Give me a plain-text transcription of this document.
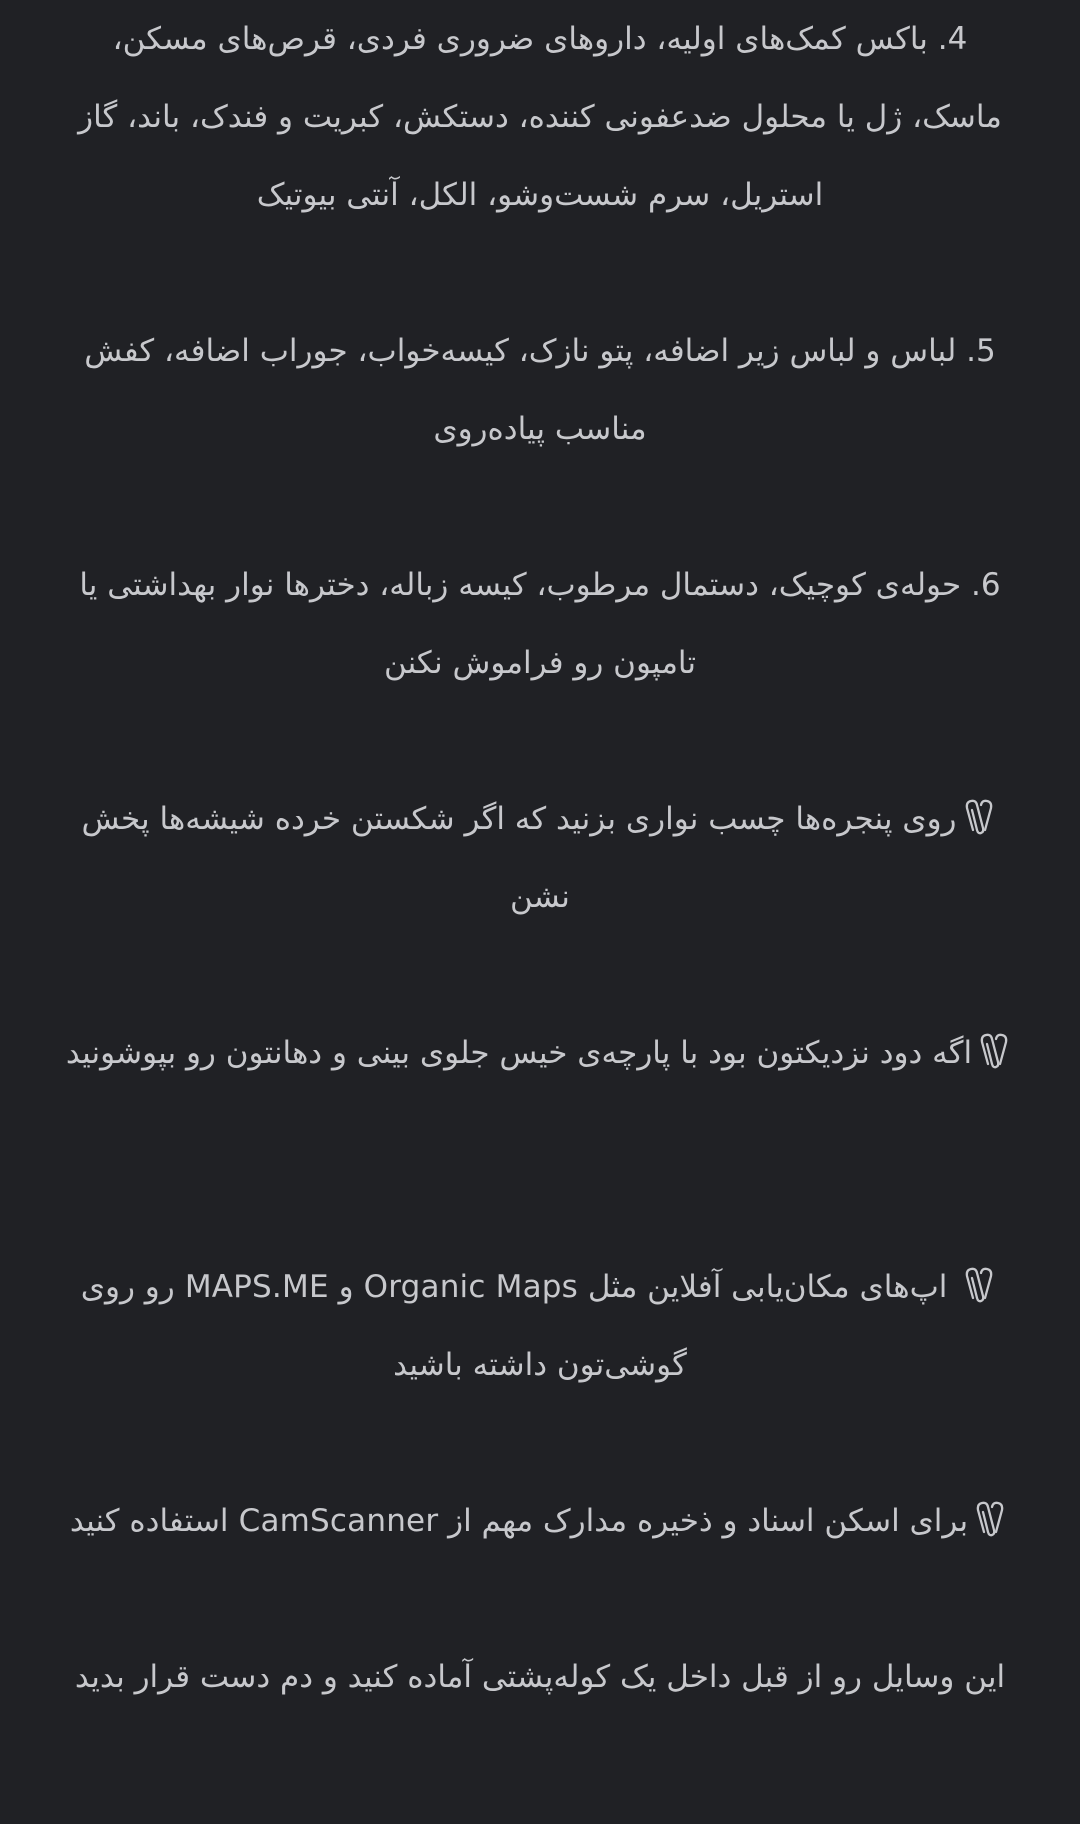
4. باکس کمک‌های اولیه، داروهای ضروری فردی، قرص‌های مسکن، ماسک، ژل یا محلول ضدعفونی کننده، دستکش، کبریت و فندک، باند، گاز استریل، سرم شست‌وشو، الکل، آنتی بیوتیک
5. لباس و لباس زیر اضافه، پتو نازک، کیسه‌خواب، جوراب اضافه، کفش مناسب پیاده‌روی
6. حوله‌ی کوچیک، دستمال مرطوب، کیسه زباله، دخترها نوار بهداشتی یا تامپون رو فراموش نکنن
روی پنجره‌ها چسب نواری بزنید که اگر شکستن خرده شیشه‌ها پخش نشن
اگه دود نزدیکتون بود با پارچه‌ی خیس جلوی بینی و دهانتون رو بپوشونید
اپ‌های مکان‌یابی آفلاین مثل Organic Maps و MAPS.ME رو روی گوشی‌تون داشته باشید
برای اسکن اسناد و ذخیره مدارک مهم از CamScanner استفاده کنید
این وسایل رو از قبل داخل یک کوله‌پشتی آماده کنید و دم دست قرار بدید
